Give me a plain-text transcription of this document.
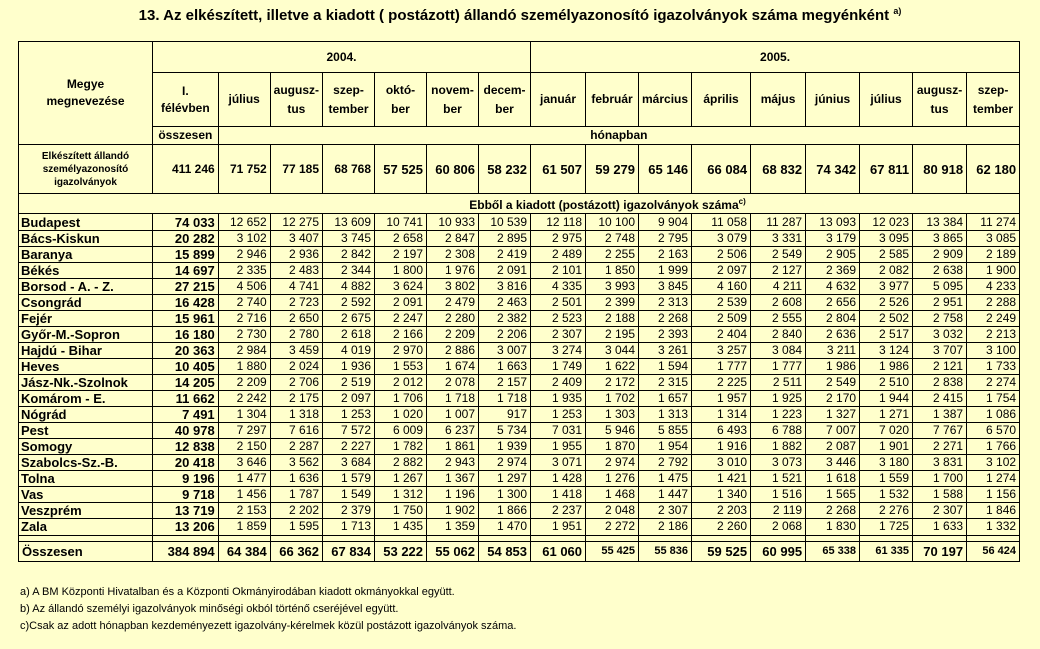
13. Az elkészített, illetve a kiadott ( postázott) állandó személyazonosító igazolványok száma megyénként $^{a)}$
Megye megnevezése	2004.							2005.								
	I. félévben	július	augusz-tus	szep-tember	októ-ber	novem-ber	decem-ber	január	február	március	április	május	június	július	augusz-tus	szep-tember
	összesen	hónapban														
Elkészített állandó személyazonosító igazolványok	411 246	71 752	77 185	68 768	57 525	60 806	58 232	61 507	59 279	65 146	66 084	68 832	74 342	67 811	80 918	62 180
Ebből a kiadott (postázott) igazolványok száma$^{c)}$
Budapest	74 033	12 652	12 275	13 609	10 741	10 933	10 539	12 118	10 100	9 904	11 058	11 287	13 093	12 023	13 384	11 274
Bács-Kiskun	20 282	3 102	3 407	3 745	2 658	2 847	2 895	2 975	2 748	2 795	3 079	3 331	3 179	3 095	3 865	3 085
Baranya	15 899	2 946	2 936	2 842	2 197	2 308	2 419	2 489	2 255	2 163	2 506	2 549	2 905	2 585	2 909	2 189
Békés	14 697	2 335	2 483	2 344	1 800	1 976	2 091	2 101	1 850	1 999	2 097	2 127	2 369	2 082	2 638	1 900
Borsod - A. - Z.	27 215	4 506	4 741	4 882	3 624	3 802	3 816	4 335	3 993	3 845	4 160	4 211	4 632	3 977	5 095	4 233
Csongrád	16 428	2 740	2 723	2 592	2 091	2 479	2 463	2 501	2 399	2 313	2 539	2 608	2 656	2 526	2 951	2 288
Fejér	15 961	2 716	2 650	2 675	2 247	2 280	2 382	2 523	2 188	2 268	2 509	2 555	2 804	2 502	2 758	2 249
Győr-M.-Sopron	16 180	2 730	2 780	2 618	2 166	2 209	2 206	2 307	2 195	2 393	2 404	2 840	2 636	2 517	3 032	2 213
Hajdú - Bihar	20 363	2 984	3 459	4 019	2 970	2 886	3 007	3 274	3 044	3 261	3 257	3 084	3 211	3 124	3 707	3 100
Heves	10 405	1 880	2 024	1 936	1 553	1 674	1 663	1 749	1 622	1 594	1 777	1 777	1 986	1 986	2 121	1 733
Jász-Nk.-Szolnok	14 205	2 209	2 706	2 519	2 012	2 078	2 157	2 409	2 172	2 315	2 225	2 511	2 549	2 510	2 838	2 274
Komárom - E.	11 662	2 242	2 175	2 097	1 706	1 718	1 718	1 935	1 702	1 657	1 957	1 925	2 170	1 944	2 415	1 754
Nógrád	7 491	1 304	1 318	1 253	1 020	1 007	917	1 253	1 303	1 313	1 314	1 223	1 327	1 271	1 387	1 086
Pest	40 978	7 297	7 616	7 572	6 009	6 237	5 734	7 031	5 946	5 855	6 493	6 788	7 007	7 020	7 767	6 570
Somogy	12 838	2 150	2 287	2 227	1 782	1 861	1 939	1 955	1 870	1 954	1 916	1 882	2 087	1 901	2 271	1 766
Szabolcs-Sz.-B.	20 418	3 646	3 562	3 684	2 882	2 943	2 974	3 071	2 974	2 792	3 010	3 073	3 446	3 180	3 831	3 102
Tolna	9 196	1 477	1 636	1 579	1 267	1 367	1 297	1 428	1 276	1 475	1 421	1 521	1 618	1 559	1 700	1 274
Vas	9 718	1 456	1 787	1 549	1 312	1 196	1 300	1 418	1 468	1 447	1 340	1 516	1 565	1 532	1 588	1 156
Veszprém	13 719	2 153	2 202	2 379	1 750	1 902	1 866	2 237	2 048	2 307	2 203	2 119	2 268	2 276	2 307	1 846
Zala	13 206	1 859	1 595	1 713	1 435	1 359	1 470	1 951	2 272	2 186	2 260	2 068	1 830	1 725	1 633	1 332

Összesen	384 894	64 384	66 362	67 834	53 222	55 062	54 853	61 060	55 425	55 836	59 525	60 995	65 338	61 335	70 197	56 424
a) A BM Központi Hivatalban és a Központi Okmányirodában kiadott okmányokkal együtt.
b) Az állandó személyi igazolványok minőségi okból történő cseréjével együtt.
c)Csak az adott hónapban kezdeményezett igazolvány-kérelmek közül postázott igazolványok száma.
